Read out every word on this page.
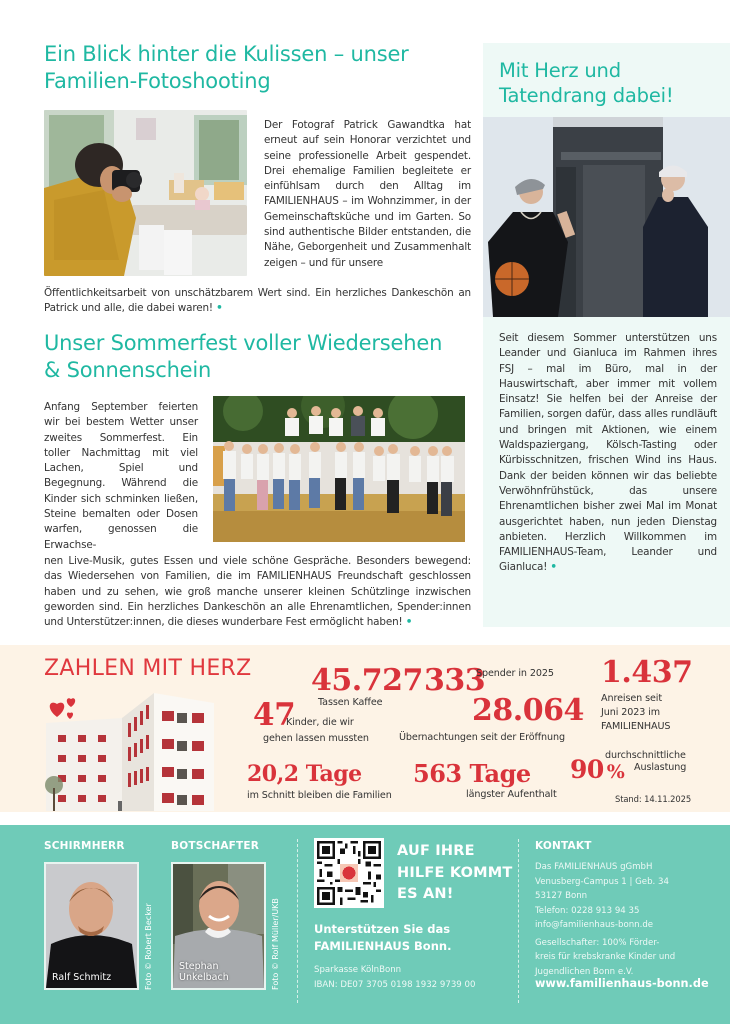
Ein Blick hinter die Kulissen – unser Familien-Fotoshooting

Der Fotograf Patrick Gawandtka hat erneut auf sein Honorar verzichtet und seine professionelle Arbeit gespendet. Drei ehemalige Familien begleitete er einfühlsam durch den Alltag im FAMILIENHAUS – im Wohnzimmer, in der Gemeinschaftsküche und im Garten. So sind authentische Bilder entstanden, die Nähe, Geborgenheit und Zusammenhalt zeigen – und für unsere

Öffentlichkeitsarbeit von unschätzbarem Wert sind. Ein herzliches Dankeschön an Patrick und alle, die dabei waren! •

Unser Sommerfest voller Wiedersehen & Sonnenschein

Anfang September feierten wir bei bestem Wetter unser zweites Sommerfest. Ein toller Nachmittag mit viel Lachen, Spiel und Begegnung. Während die Kinder sich schminken ließen, Steine bemalten oder Dosen warfen, genossen die Erwachse-

nen Live-Musik, gutes Essen und viele schöne Gespräche. Besonders bewegend: das Wiedersehen von Familien, die im FAMILIENHAUS Freundschaft geschlossen haben und zu sehen, wie groß manche unserer kleinen Schützlinge inzwischen geworden sind. Ein herzliches Dankeschön an alle Ehrenamtlichen, Spender:innen und Unterstützer:innen, die dieses wunderbare Fest ermöglicht haben! •

Mit Herz und Tatendrang dabei!

Seit diesem Sommer unterstützen uns Leander und Gianluca im Rahmen ihres FSJ – mal im Büro, mal in der Hauswirtschaft, aber immer mit vollem Einsatz! Sie helfen bei der Anreise der Familien, sorgen dafür, dass alles rundläuft und bringen mit Aktionen, wie einem Waldspaziergang, Kölsch-Tasting oder Kürbisschnitzen, frischen Wind ins Haus. Dank der beiden können wir das beliebte Verwöhnfrühstück, das unsere Ehrenamtlichen bisher zwei Mal im Monat ausgerichtet haben, nun jeden Dienstag anbieten. Herzlich Willkommen im FAMILIENHAUS-Team, Leander und Gianluca! •

ZAHLEN MIT HERZ 45.727
Tassen Kaffee
333
Spender in 2025 1.437
Anreisen seit
Juni 2023 im
FAMILIENHAUS
47
Kinder, die wir
gehen lassen mussten
28.064
Übernachtungen seit der Eröffnung
90 %
durchschnittliche
Auslastung
20,2 Tage
im Schnitt bleiben die Familien
563 Tage
längster Aufenthalt	Stand: 14.11.2025
SCHIRMHERR
Ralf Schmitz	Foto © Robert Becker
BOTSCHAFTER
Stephan Unkelbach	Foto © Rolf Müller/UKB
AUF IHRE
HILFE KOMMT
ES AN!
Unterstützen Sie das
FAMILIENHAUS Bonn.
Sparkasse KölnBonn
IBAN: DE07 3705 0198 1932 9739 00
KONTAKT
Das FAMILIENHAUS gGmbH
Venusberg-Campus 1 | Geb. 34
53127 Bonn
Telefon: 0228 913 94 35
info@familienhaus-bonn.de
Gesellschafter: 100% Förder-
kreis für krebskranke Kinder und
Jugendlichen Bonn e.V.
www.familienhaus-bonn.de
